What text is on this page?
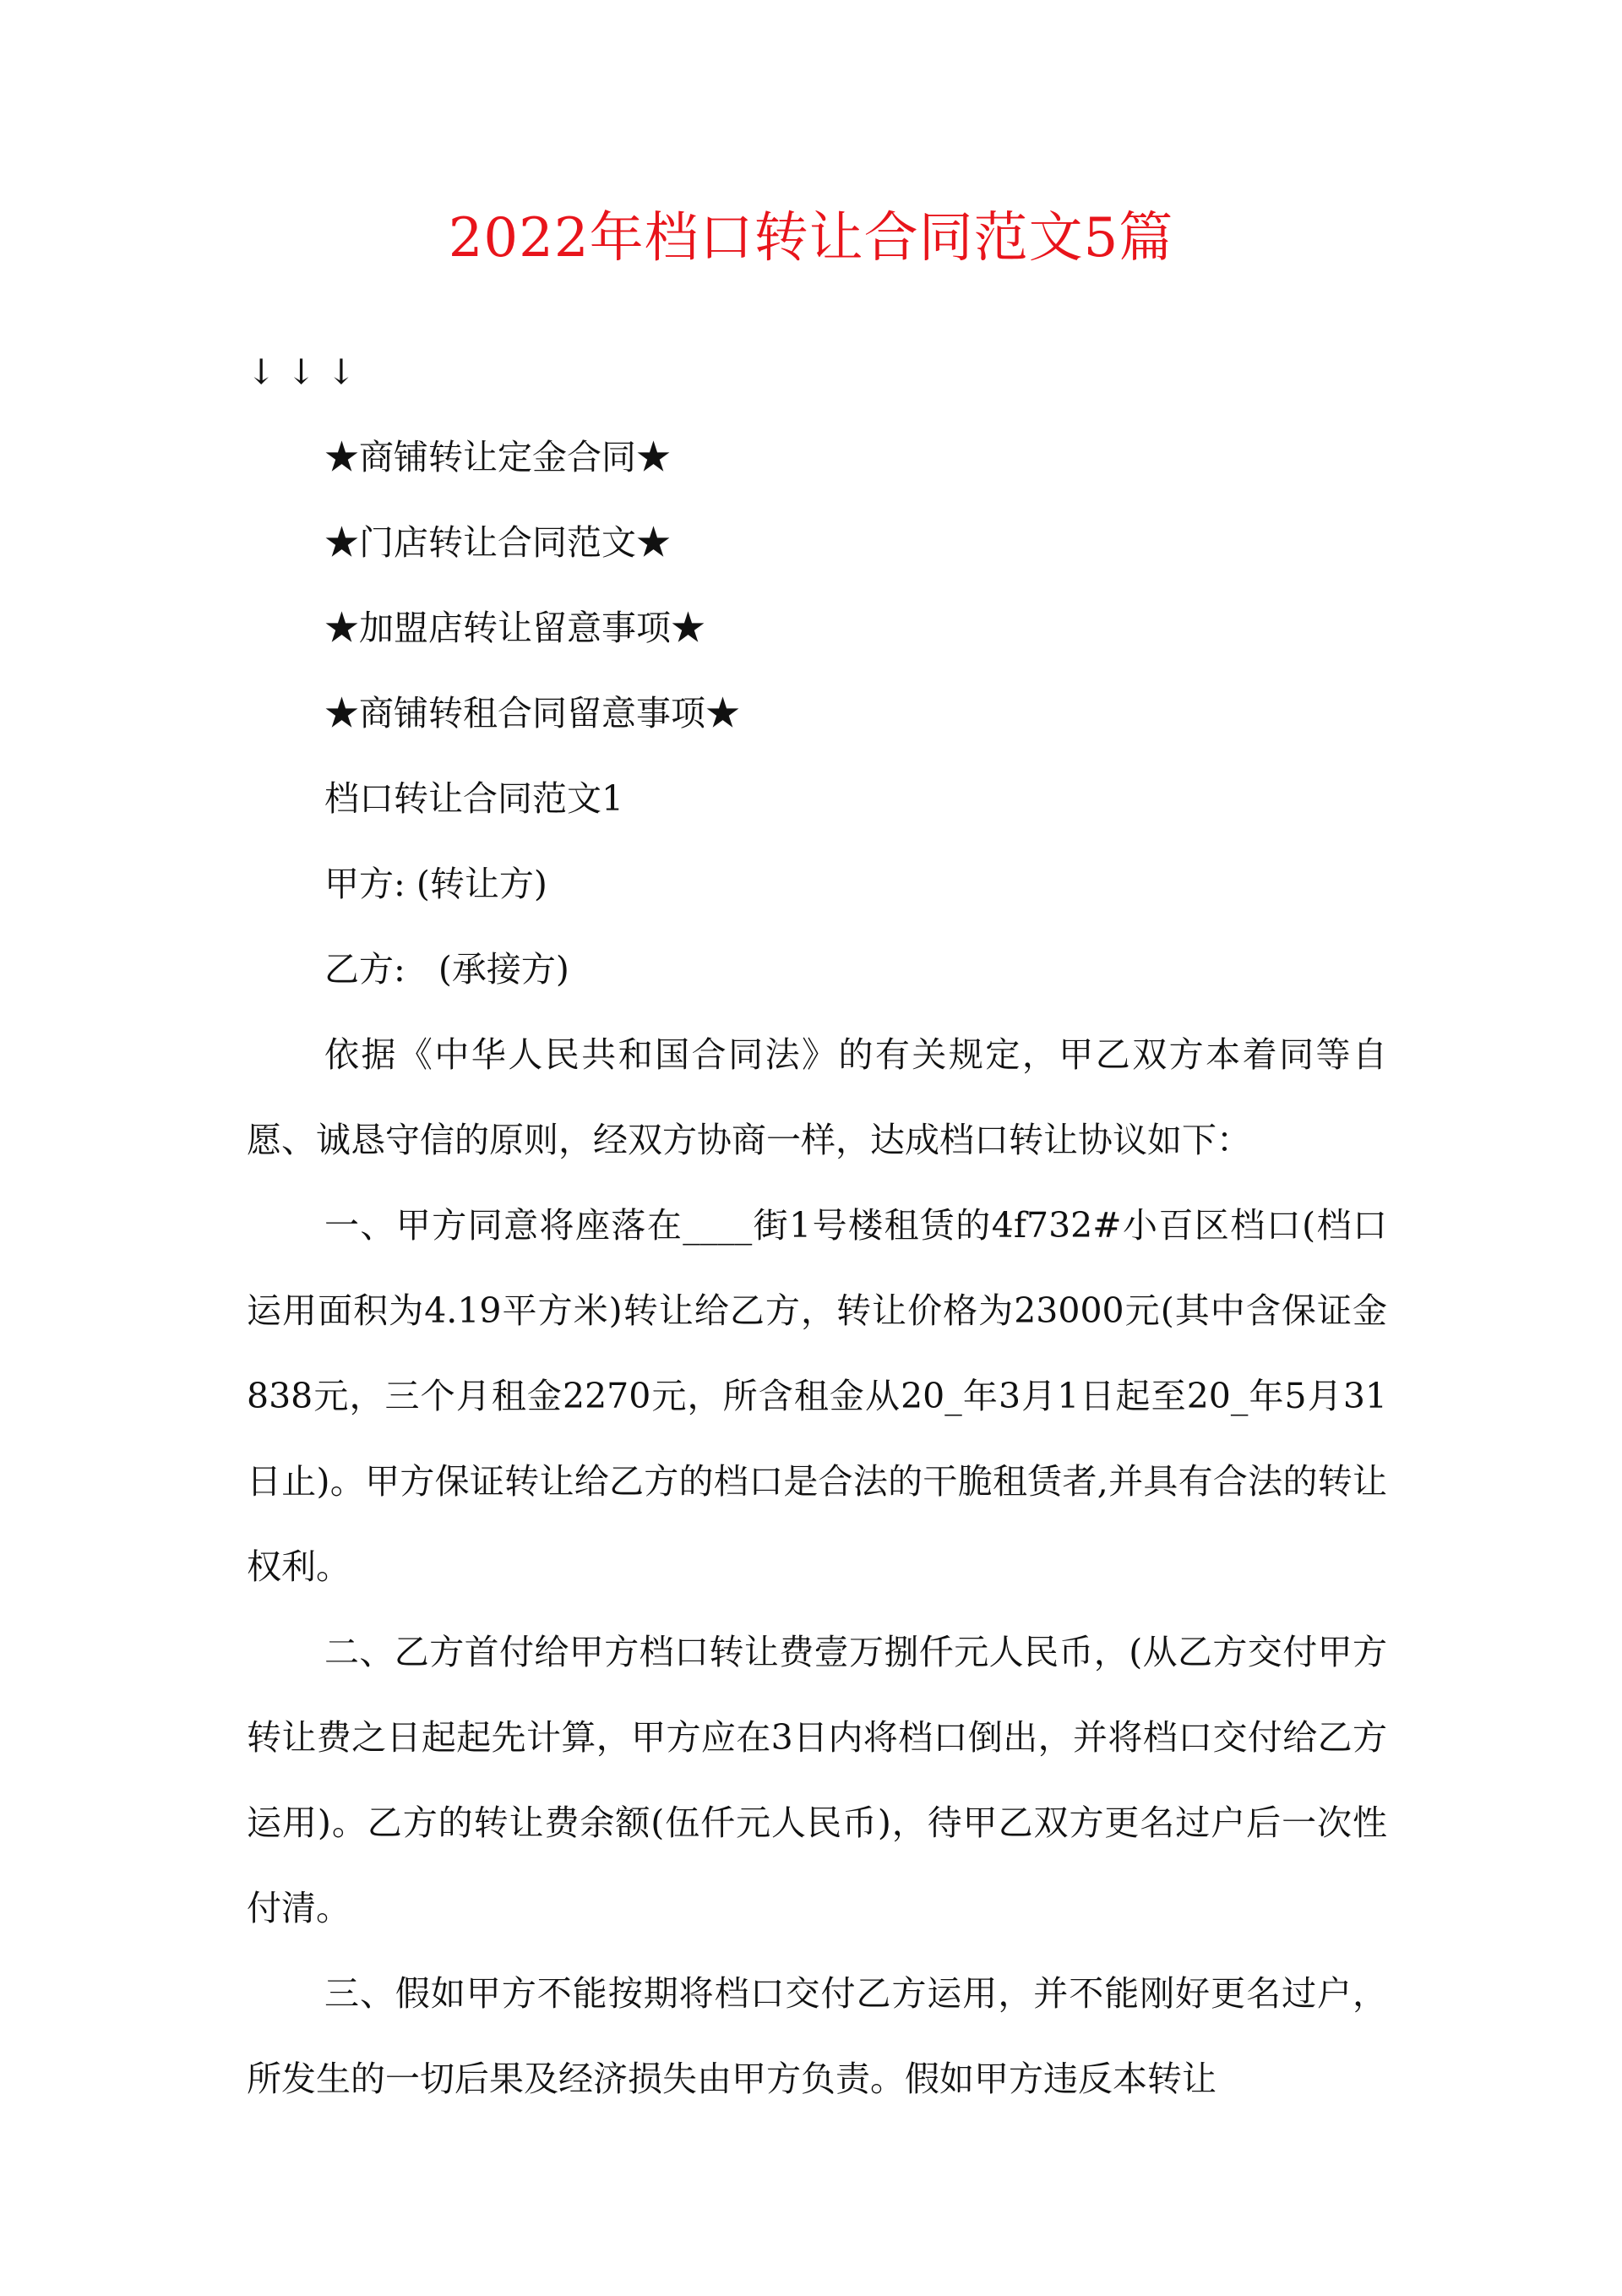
2022年档口转让合同范文5篇

↓ ↓ ↓

★商铺转让定金合同★

★门店转让合同范文★

★加盟店转让留意事项★

★商铺转租合同留意事项★

档口转让合同范文1

甲方: (转让方)

乙方:   (承接方)

依据《中华人民共和国合同法》的有关规定，甲乙双方本着同等自愿、诚恳守信的原则，经双方协商一样，达成档口转让协议如下：

一、甲方同意将座落在____街1号楼租赁的4f732#小百区档口(档口运用面积为4.19平方米)转让给乙方，转让价格为23000元(其中含保证金838元，三个月租金2270元，所含租金从20_年3月1日起至20_年5月31日止)。甲方保证转让给乙方的档口是合法的干脆租赁者,并具有合法的转让权利。

二、乙方首付给甲方档口转让费壹万捌仟元人民币，(从乙方交付甲方转让费之日起起先计算，甲方应在3日内将档口倒出，并将档口交付给乙方运用)。乙方的转让费余额(伍仟元人民币)，待甲乙双方更名过户后一次性付清。

三、假如甲方不能按期将档口交付乙方运用，并不能刚好更名过户，所发生的一切后果及经济损失由甲方负责。假如甲方违反本转让
